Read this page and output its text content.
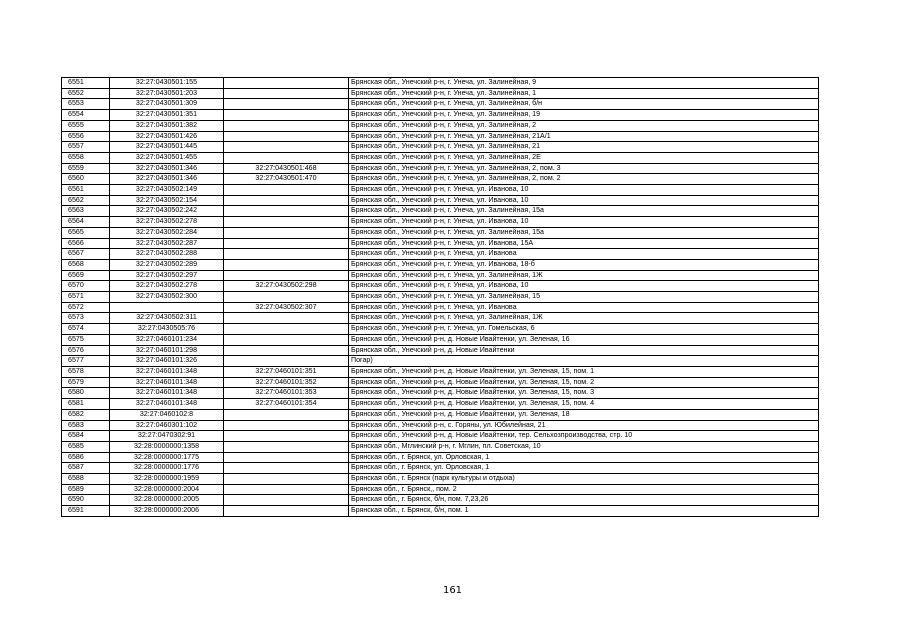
6551	32:27:0430501:155		Брянская обл., Унечский р-н, г. Унеча, ул. Залинейная, 9
6552	32:27:0430501:203		Брянская обл., Унечский р-н, г. Унеча, ул. Залинейная, 1
6553	32:27:0430501:309		Брянская обл., Унечский р-н, г. Унеча, ул. Залинейная, б/н
6554	32:27:0430501:351		Брянская обл., Унечский р-н, г. Унеча, ул. Залинейная, 19
6555	32:27:0430501:382		Брянская обл., Унечский р-н, г. Унеча, ул. Залинейная, 2
6556	32:27:0430501:426		Брянская обл., Унечский р-н, г. Унеча, ул. Залинейная, 21А/1
6557	32:27:0430501:445		Брянская обл., Унечский р-н, г. Унеча, ул. Залинейная, 21
6558	32:27:0430501:455		Брянская обл., Унечский р-н, г. Унеча, ул. Залинейная, 2Е
6559	32:27:0430501:346	32:27:0430501:468	Брянская обл., Унечский р-н, г. Унеча, ул. Залинейная, 2, пом. 3
6560	32:27:0430501:346	32:27:0430501:470	Брянская обл., Унечский р-н, г. Унеча, ул. Залинейная, 2, пом. 2
6561	32:27:0430502:149		Брянская обл., Унечский р-н, г. Унеча, ул. Иванова, 10
6562	32:27:0430502:154		Брянская обл., Унечский р-н, г. Унеча, ул. Иванова, 10
6563	32:27:0430502:242		Брянская обл., Унечский р-н, г. Унеча, ул. Залинейная, 15а
6564	32:27:0430502:278		Брянская обл., Унечский р-н, г. Унеча, ул. Иванова, 10
6565	32:27:0430502:284		Брянская обл., Унечский р-н, г. Унеча, ул. Залинейная, 15а
6566	32:27:0430502:287		Брянская обл., Унечский р-н, г. Унеча, ул. Иванова, 15А
6567	32:27:0430502:288		Брянская обл., Унечский р-н, г. Унеча, ул. Иванова
6568	32:27:0430502:289		Брянская обл., Унечский р-н, г. Унеча, ул. Иванова, 18-б
6569	32:27:0430502:297		Брянская обл., Унечский р-н, г. Унеча, ул. Залинейная, 1Ж
6570	32:27:0430502:278	32:27:0430502:298	Брянская обл., Унечский р-н, г. Унеча, ул. Иванова, 10
6571	32:27:0430502:300		Брянская обл., Унечский р-н, г. Унеча, ул. Залинейная, 15
6572		32:27:0430502:307	Брянская обл., Унечский р-н, г. Унеча, ул. Иванова
6573	32:27:0430502:311		Брянская обл., Унечский р-н, г. Унеча, ул. Залинейная, 1Ж
6574	32:27:0430505:76		Брянская обл., Унечский р-н, г. Унеча, ул. Гомельская, 6
6575	32:27:0460101:234		Брянская обл., Унечский р-н, д. Новые Ивайтенки, ул. Зеленая, 16
6576	32:27:0460101:298		Брянская обл., Унечский р-н, д. Новые Ивайтенки
6577	32:27:0460101:326		Погар)
6578	32:27:0460101:348	32:27:0460101:351	Брянская обл., Унечский р-н, д. Новые Ивайтенки, ул. Зеленая, 15, пом. 1
6579	32:27:0460101:348	32:27:0460101:352	Брянская обл., Унечский р-н, д. Новые Ивайтенки, ул. Зеленая, 15, пом. 2
6580	32:27:0460101:348	32:27:0460101:353	Брянская обл., Унечский р-н, д. Новые Ивайтенки, ул. Зеленая, 15, пом. 3
6581	32:27:0460101:348	32:27:0460101:354	Брянская обл., Унечский р-н, д. Новые Ивайтенки, ул. Зеленая, 15, пом. 4
6582	32:27:0460102:8		Брянская обл., Унечский р-н, д. Новые Ивайтенки, ул. Зеленая, 18
6583	32:27:0460301:102		Брянская обл., Унечский р-н, с. Горяны, ул. Юбилейная, 21
6584	32:27:0470302:91		Брянская обл., Унечский р-н, д. Новые Ивайтенки, тер. Сельхозпроизводства, стр. 10
6585	32:28:0000000:1358		Брянская обл., Мглинский р-н, г. Мглин, пл. Советская, 10
6586	32:28:0000000:1775		Брянская обл., г. Брянск, ул. Орловская, 1
6587	32:28:0000000:1776		Брянская обл., г. Брянск, ул. Орловская, 1
6588	32:28:0000000:1959		Брянская обл., г. Брянск (парк культуры и отдыха)
6589	32:28:0000000:2004		Брянская обл., г. Брянск,, пом. 2
6590	32:28:0000000:2005		Брянская обл., г. Брянск, б/н, пом. 7,23,26
6591	32:28:0000000:2006		Брянская обл., г. Брянск, б/н, пом. 1
161
